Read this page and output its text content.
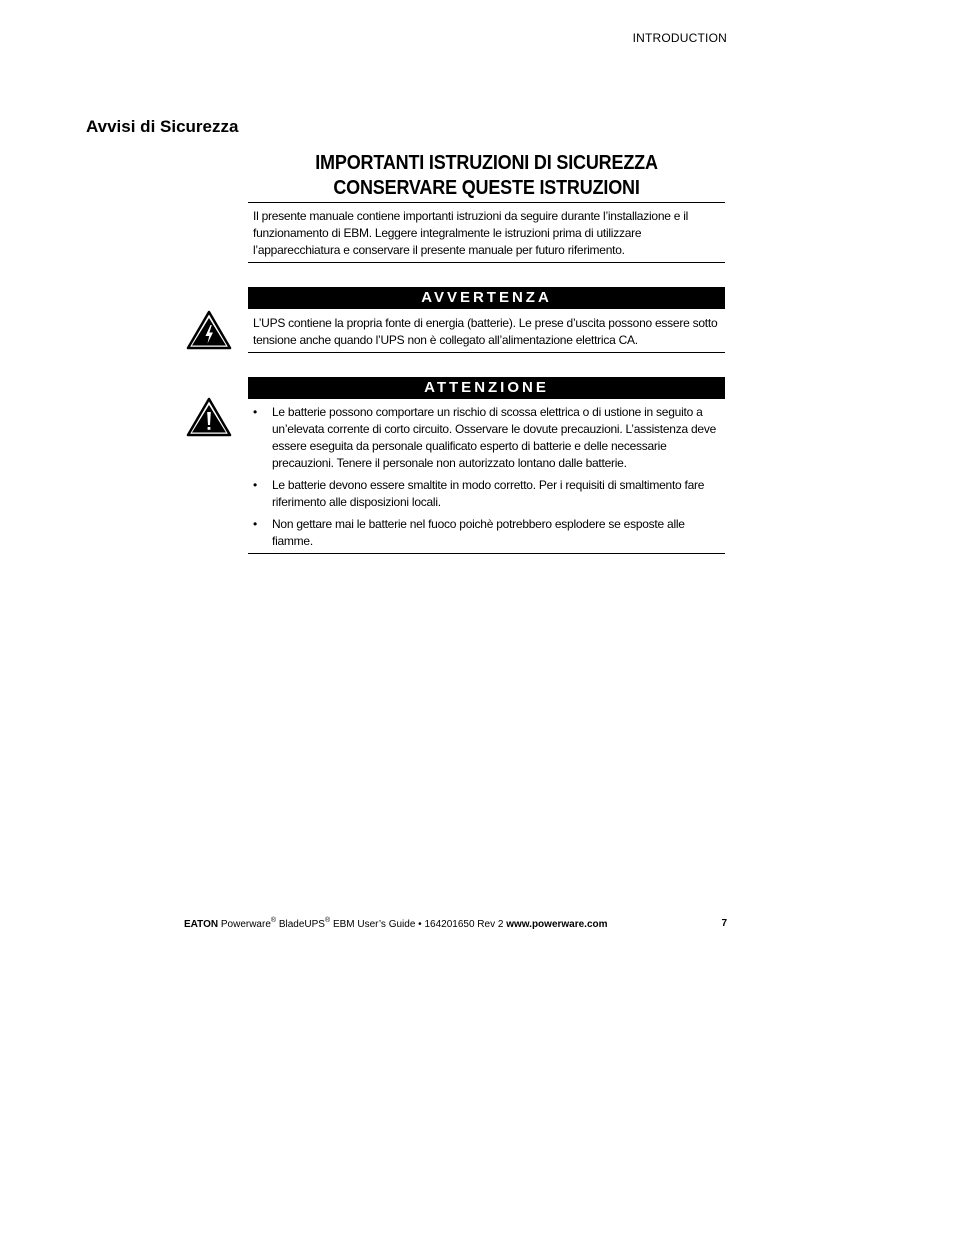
INTRODUCTION
Avvisi di Sicurezza
IMPORTANTI ISTRUZIONI DI SICUREZZA
CONSERVARE QUESTE ISTRUZIONI

Il presente manuale contiene importanti istruzioni da seguire durante l’installazione e il funzionamento di EBM. Leggere integralmente le istruzioni prima di utilizzare l’apparecchiatura e conservare il presente manuale per futuro riferimento.

AVVERTENZA

L’UPS contiene la propria fonte di energia (batterie). Le prese d’uscita possono essere sotto tensione anche quando l’UPS non è collegato all’alimentazione elettrica CA.

ATTENZIONE
• Le batterie possono comportare un rischio di scossa elettrica o di ustione in seguito a un’elevata corrente di corto circuito. Osservare le dovute precauzioni. L’assistenza deve essere eseguita da personale qualificato esperto di batterie e delle necessarie precauzioni. Tenere il personale non autorizzato lontano dalle batterie.
• Le batterie devono essere smaltite in modo corretto. Per i requisiti di smaltimento fare riferimento alle disposizioni locali.
• Non gettare mai le batterie nel fuoco poichè potrebbero esplodere se esposte alle fiamme.
EATON Powerware® BladeUPS® EBM User’s Guide • 164201650 Rev 2 www.powerware.com	7
